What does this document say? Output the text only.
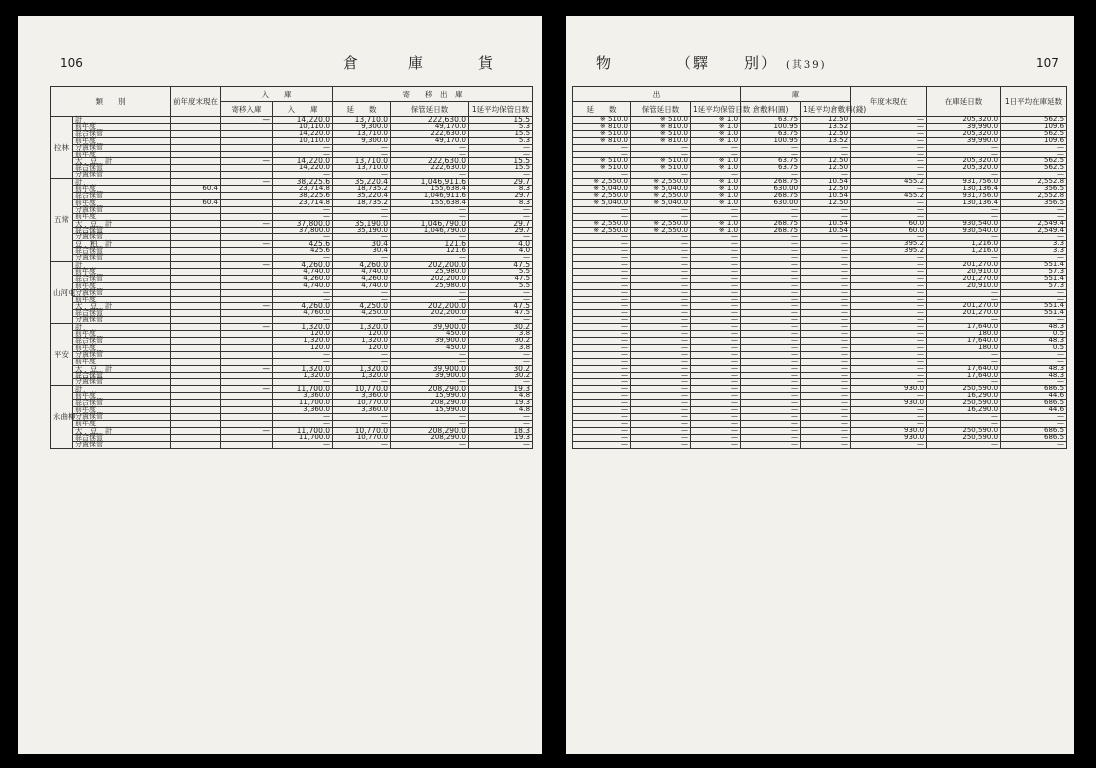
106	倉	庫	貨
類　　別		前年度末現在	入　　庫		寄　　移　出　庫		
			寄移入庫	入　　庫	延　　数	保管延日数	1延平均保管日数
拉林	計		—	14,220.0	13,710.0	222,630.0	15.5
	前年度			10,110.0	9,300.0	49,170.0	5.3
	混合保管			14,220.0	13,710.0	222,630.0	15.5
	前年度			10,110.0	9,300.0	49,170.0	5.3
	分置保管			—	—	—	—
	前年度			—	—	—	—
	大　豆　計		—	14,220.0	13,710.0	222,630.0	15.5
	混合保管			14,220.0	13,710.0	222,630.0	15.5
	分置保管			—	—	—	—
五常	計		—	38,225.6	35,220.4	1,046,911.6	29.7
	前年度	60.4		23,714.8	18,735.2	155,638.4	8.3
	混合保管			38,225.6	35,220.4	1,046,911.6	29.7
	前年度	60.4		23,714.8	18,735.2	155,638.4	8.3
	分置保管			—	—	—	—
	前年度			—	—	—	—
	大　豆　計		—	37,800.0	35,190.0	1,046,790.0	29.7
	混合保管			37,800.0	35,190.0	1,046,790.0	29.7
	分置保管			—	—	—	—
	豆　粕　計		—	425.6	30.4	121.6	4.0
	混合保管			425.6	30.4	121.6	4.0
	分置保管			—	—	—	—
山河屯	計		—	4,260.0	4,260.0	202,200.0	47.5
	前年度			4,740.0	4,740.0	25,980.0	5.5
	混合保管			4,260.0	4,260.0	202,200.0	47.5
	前年度			4,740.0	4,740.0	25,980.0	5.5
	分置保管			—	—	—	—
	前年度			—	—	—	—
	大　豆　計		—	4,260.0	4,250.0	202,200.0	47.5
	混合保管			4,760.0	4,250.0	202,200.0	47.5
	分置保管			—	—	—	—
平安	計		—	1,320.0	1,320.0	39,900.0	30.2
	前年度			120.0	120.0	450.0	3.8
	混合保管			1,320.0	1,320.0	39,900.0	30.2
	前年度			120.0	120.0	450.0	3.8
	分置保管			—	—	—	—
	前年度			—	—	—	—
	大　豆　計		—	1,320.0	1,320.0	39,900.0	30.2
	混合保管			1,320.0	1,320.0	39,900.0	30.2
	分置保管			—	—	—	—
永曲柳	計		—	11,700.0	10,770.0	208,290.0	19.3
	前年度			3,360.0	3,360.0	15,990.0	4.8
	混合保管			11,700.0	10,770.0	208,290.0	19.3
	前年度			3,360.0	3,360.0	15,990.0	4.8
	分置保管			—	—	—	—
	前年度			—	—	—	—
	大　豆　計		—	11,700.0	10,770.0	208,290.0	18.3
	混合保管			11,700.0	10,770.0	208,290.0	19.3
	分置保管			—	—	—	—
物	（驛　　別） (其39)	107
出			庫		年度末現在	在庫延日数	1日平均在庫延数
延　　数	保管延日数	1延平均保管日数	倉敷料(圓)	1延平均倉敷料(錢)			
※ 510.0	※ 510.0	※ 1.0	63.75	12.50	—	205,320.0	562.5
※ 810.0	※ 810.0	※ 1.0	100.95	13.52	—	39,990.0	109.6
※ 510.0	※ 510.0	※ 1.0	63.75	12.50	—	205,320.0	562.5
※ 810.0	※ 810.0	※ 1.0	100.95	13.52	—	39,990.0	109.6
—	—	—	—	—	—	—	—
—	—	—	—	—	—	—	—
※ 510.0	※ 510.0	※ 1.0	63.75	12.50	—	205,320.0	562.5
※ 510.0	※ 510.0	※ 1.0	63.75	12.50	—	205,320.0	562.5
—	—	—	—	—	—	—	—
※ 2,550.0	※ 2,550.0	※ 1.0	268.75	10.54	455.2	931,756.0	2,552.8
※ 5,040.0	※ 5,040.0	※ 1.0	630.00	12.50	—	130,136.4	356.5
※ 2,550.0	※ 2,550.0	※ 1.0	268.75	10.54	455.2	931,756.0	2,552.8
※ 5,040.0	※ 5,040.0	※ 1.0	630.00	12.50	—	130,136.4	356.5
—	—	—	—	—	—	—	—
—	—	—	—	—	—	—	—
※ 2,550.0	※ 2,550.0	※ 1.0	268.75	10.54	60.0	930,540.0	2,549.4
※ 2,550.0	※ 2,550.0	※ 1.0	268.75	10.54	60.0	930,540.0	2,549.4
—	—	—	—	—	—	—	—
—	—	—	—	—	395.2	1,216.0	3.3
—	—	—	—	—	395.2	1,216.0	3.3
—	—	—	—	—	—	—	—
—	—	—	—	—	—	201,270.0	551.4
—	—	—	—	—	—	20,910.0	57.3
—	—	—	—	—	—	201,270.0	551.4
—	—	—	—	—	—	20,910.0	57.3
—	—	—	—	—	—	—	—
—	—	—	—	—	—	—	—
—	—	—	—	—	—	201,270.0	551.4
—	—	—	—	—	—	201,270.0	551.4
—	—	—	—	—	—	—	—
—	—	—	—	—	—	17,640.0	48.3
—	—	—	—	—	—	180.0	0.5
—	—	—	—	—	—	17,640.0	48.3
—	—	—	—	—	—	180.0	0.5
—	—	—	—	—	—	—	—
—	—	—	—	—	—	—	—
—	—	—	—	—	—	17,640.0	48.3
—	—	—	—	—	—	17,640.0	48.3
—	—	—	—	—	—	—	—
—	—	—	—	—	930.0	250,590.0	686.5
—	—	—	—	—	—	16,290.0	44.6
—	—	—	—	—	930.0	250,590.0	686.5
—	—	—	—	—	—	16,290.0	44.6
—	—	—	—	—	—	—	—
—	—	—	—	—	—	—	—
—	—	—	—	—	930.0	250,590.0	686.5
—	—	—	—	—	930.0	250,590.0	686.5
—	—	—	—	—	—	—	—
